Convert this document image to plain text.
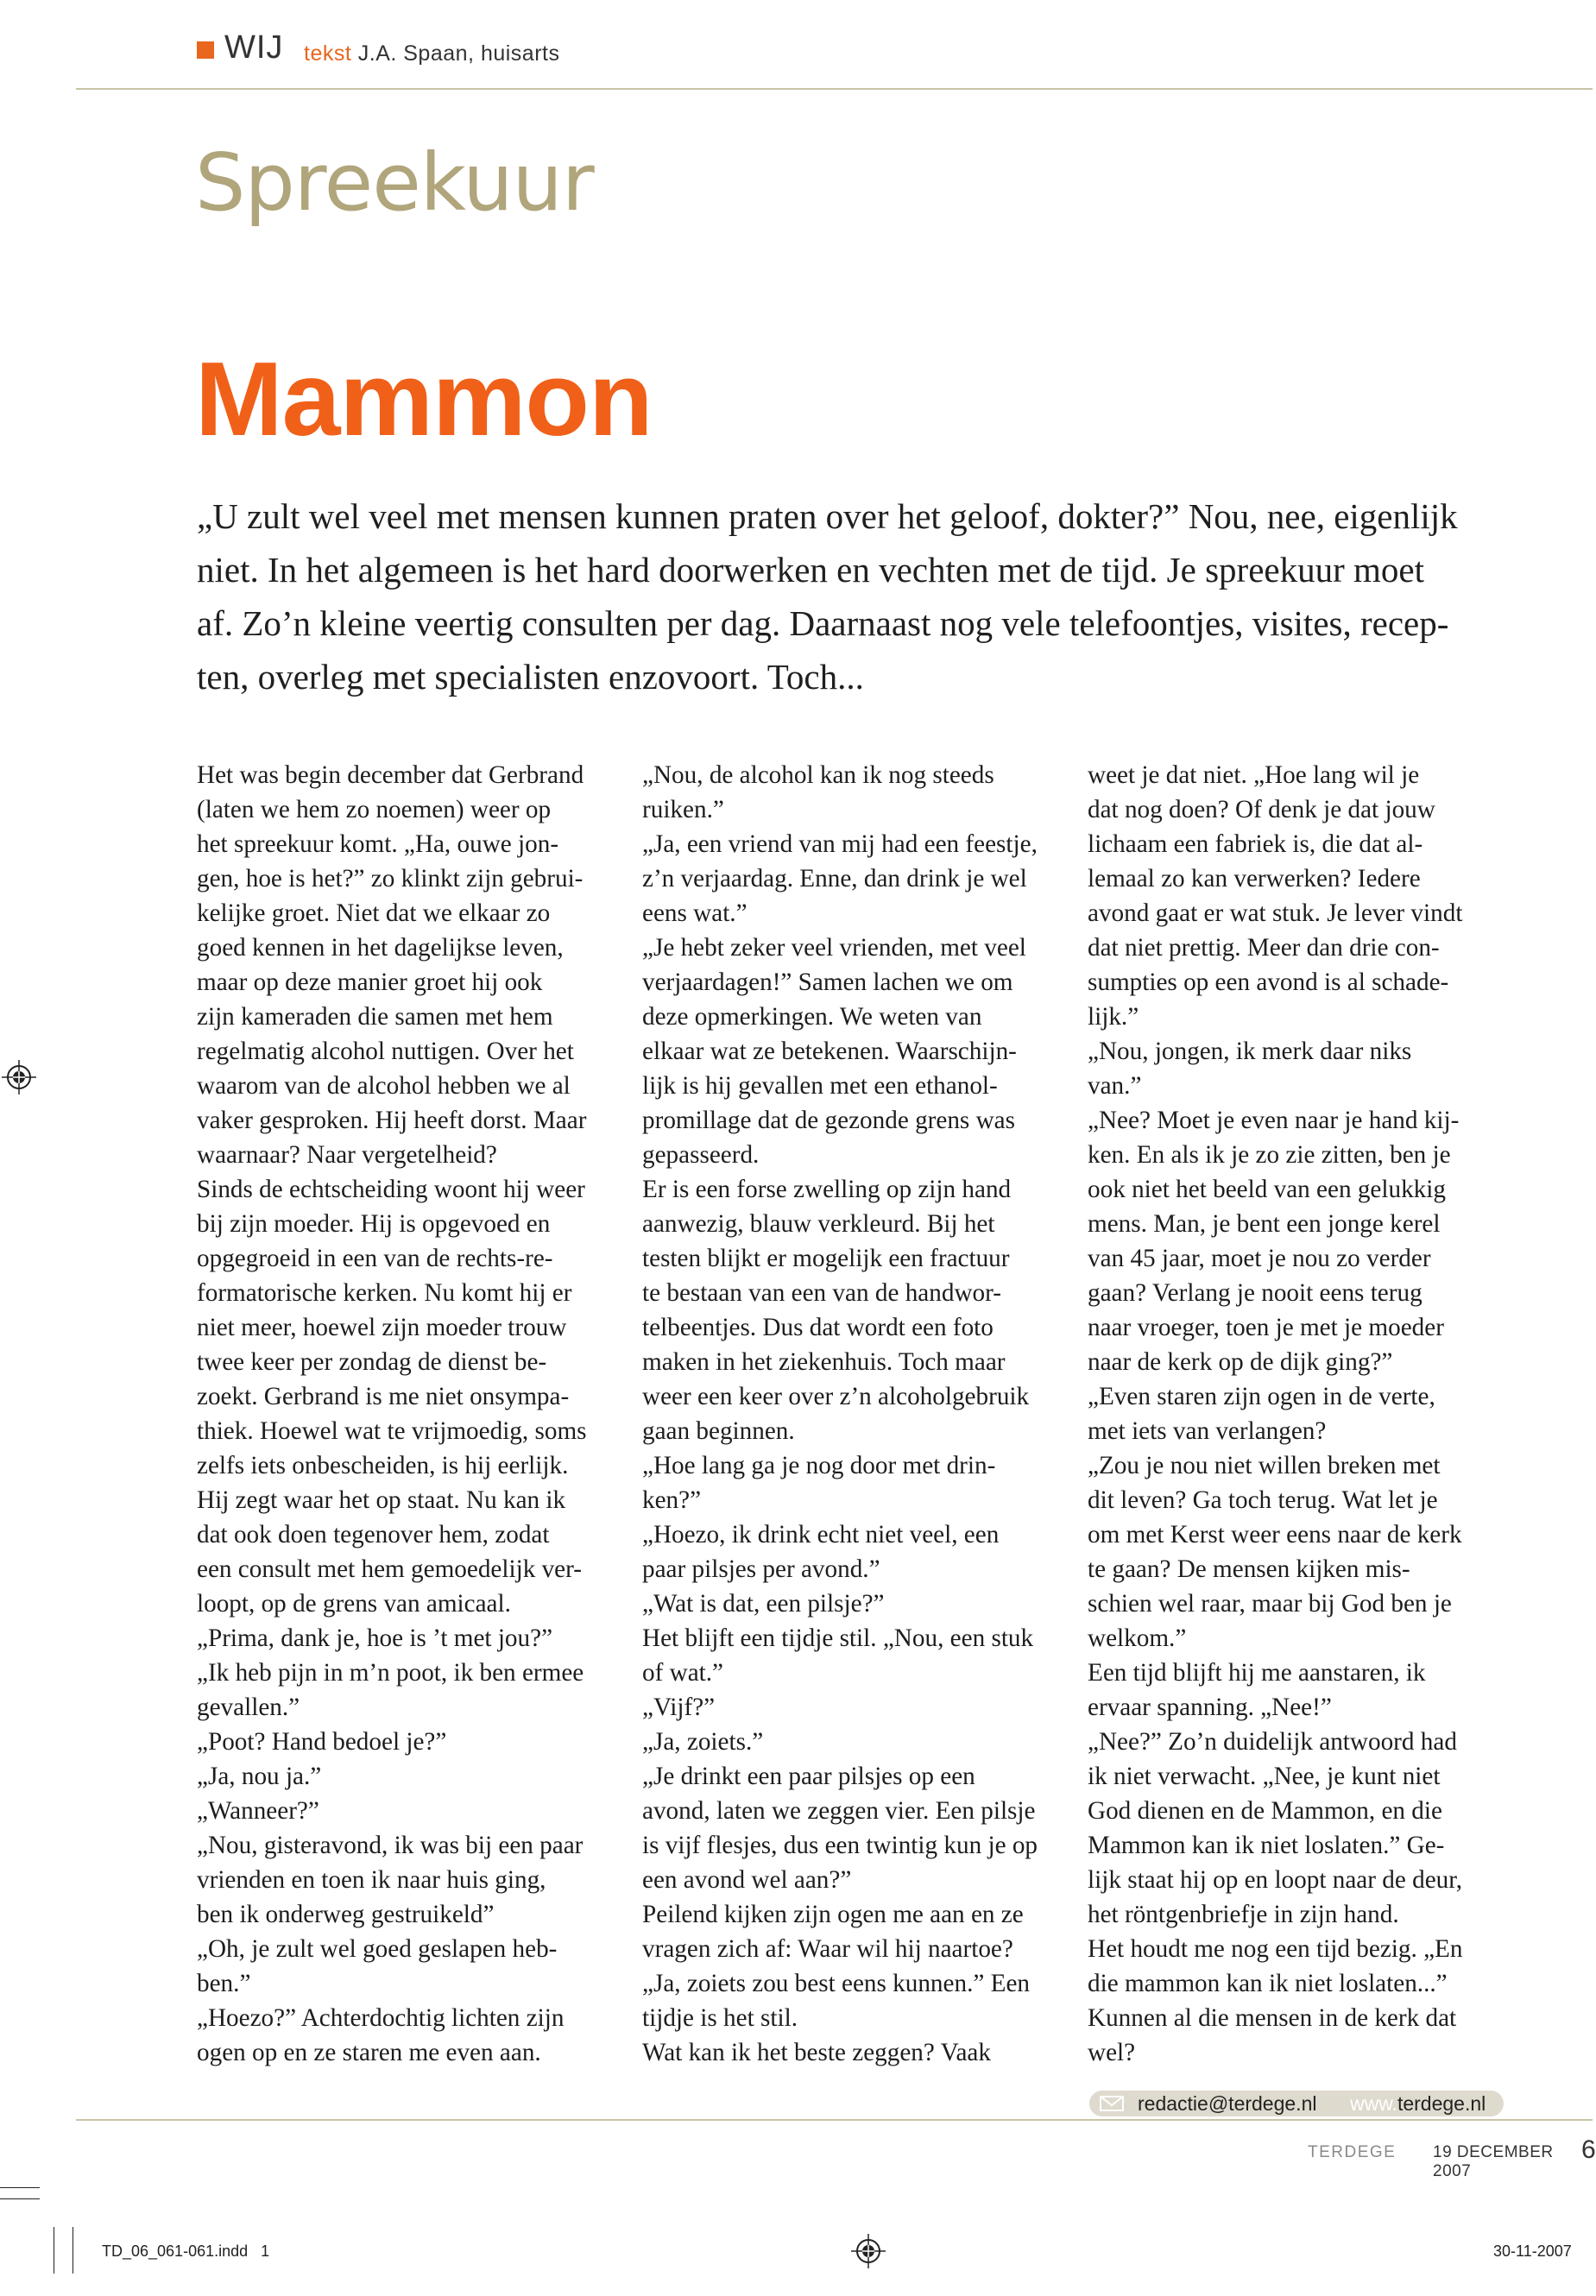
WIJ tekst J.A. Spaan, huisarts
Spreekuur
Mammon
„U zult wel veel met mensen kunnen praten over het geloof, dokter?” Nou, nee, eigenlijk
niet. In het algemeen is het hard doorwerken en vechten met de tijd. Je spreekuur moet
af. Zo’n kleine veertig consulten per dag. Daarnaast nog vele telefoontjes, visites, recep-
ten, overleg met specialisten enzovoort. Toch...
Het was begin december dat Gerbrand
(laten we hem zo noemen) weer op
het spreekuur komt. „Ha, ouwe jon-
gen, hoe is het?” zo klinkt zijn gebrui-
kelijke groet. Niet dat we elkaar zo
goed kennen in het dagelijkse leven,
maar op deze manier groet hij ook
zijn kameraden die samen met hem
regelmatig alcohol nuttigen. Over het
waarom van de alcohol hebben we al
vaker gesproken. Hij heeft dorst. Maar
waarnaar? Naar vergetelheid?
Sinds de echtscheiding woont hij weer
bij zijn moeder. Hij is opgevoed en
opgegroeid in een van de rechts-re-
formatorische kerken. Nu komt hij er
niet meer, hoewel zijn moeder trouw
twee keer per zondag de dienst be-
zoekt. Gerbrand is me niet onsympa-
thiek. Hoewel wat te vrijmoedig, soms
zelfs iets onbescheiden, is hij eerlijk.
Hij zegt waar het op staat. Nu kan ik
dat ook doen tegenover hem, zodat
een consult met hem gemoedelijk ver-
loopt, op de grens van amicaal.
„Prima, dank je, hoe is ’t met jou?”
„Ik heb pijn in m’n poot, ik ben ermee
gevallen.”
„Poot? Hand bedoel je?”
„Ja, nou ja.”
„Wanneer?”
„Nou, gisteravond, ik was bij een paar
vrienden en toen ik naar huis ging,
ben ik onderweg gestruikeld”
„Oh, je zult wel goed geslapen heb-
ben.”
„Hoezo?” Achterdochtig lichten zijn
ogen op en ze staren me even aan.
„Nou, de alcohol kan ik nog steeds
ruiken.”
„Ja, een vriend van mij had een feestje,
z’n verjaardag. Enne, dan drink je wel
eens wat.”
„Je hebt zeker veel vrienden, met veel
verjaardagen!” Samen lachen we om
deze opmerkingen. We weten van
elkaar wat ze betekenen. Waarschijn-
lijk is hij gevallen met een ethanol-
promillage dat de gezonde grens was
gepasseerd.
Er is een forse zwelling op zijn hand
aanwezig, blauw verkleurd. Bij het
testen blijkt er mogelijk een fractuur
te bestaan van een van de handwor-
telbeentjes. Dus dat wordt een foto
maken in het ziekenhuis. Toch maar
weer een keer over z’n alcoholgebruik
gaan beginnen.
„Hoe lang ga je nog door met drin-
ken?”
„Hoezo, ik drink echt niet veel, een
paar pilsjes per avond.”
„Wat is dat, een pilsje?”
Het blijft een tijdje stil. „Nou, een stuk
of wat.”
„Vijf?”
„Ja, zoiets.”
„Je drinkt een paar pilsjes op een
avond, laten we zeggen vier. Een pilsje
is vijf flesjes, dus een twintig kun je op
een avond wel aan?”
Peilend kijken zijn ogen me aan en ze
vragen zich af: Waar wil hij naartoe?
„Ja, zoiets zou best eens kunnen.” Een
tijdje is het stil.
Wat kan ik het beste zeggen? Vaak
weet je dat niet. „Hoe lang wil je
dat nog doen? Of denk je dat jouw
lichaam een fabriek is, die dat al-
lemaal zo kan verwerken? Iedere
avond gaat er wat stuk. Je lever vindt
dat niet prettig. Meer dan drie con-
sumpties op een avond is al schade-
lijk.”
„Nou, jongen, ik merk daar niks
van.”
„Nee? Moet je even naar je hand kij-
ken. En als ik je zo zie zitten, ben je
ook niet het beeld van een gelukkig
mens. Man, je bent een jonge kerel
van 45 jaar, moet je nou zo verder
gaan? Verlang je nooit eens terug
naar vroeger, toen je met je moeder
naar de kerk op de dijk ging?”
„Even staren zijn ogen in de verte,
met iets van verlangen?
„Zou je nou niet willen breken met
dit leven? Ga toch terug. Wat let je
om met Kerst weer eens naar de kerk
te gaan? De mensen kijken mis-
schien wel raar, maar bij God ben je
welkom.”
Een tijd blijft hij me aanstaren, ik
ervaar spanning. „Nee!”
„Nee?” Zo’n duidelijk antwoord had
ik niet verwacht. „Nee, je kunt niet
God dienen en de Mammon, en die
Mammon kan ik niet loslaten.” Ge-
lijk staat hij op en loopt naar de deur,
het röntgenbriefje in zijn hand.
Het houdt me nog een tijd bezig. „En
die mammon kan ik niet loslaten...”
Kunnen al die mensen in de kerk dat
wel?
redactie@terdege.nl www.terdege.nl
TERDEGE 19 DECEMBER 2007
6
TD_06_061-061.indd   1	30-11-2007
